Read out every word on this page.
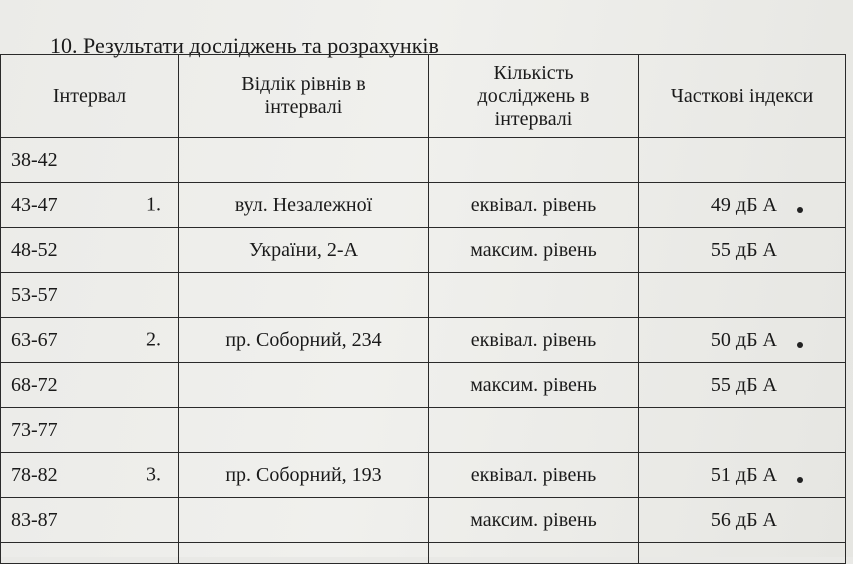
10. Результати досліджень та розрахунків
Інтервал	Відлік рівнів в інтервалі	Кількість досліджень в інтервалі	Часткові індекси
38-42

43-47 1.	вул. Незалежної	еквівал. рівень	49 дБ А

48-52	України, 2-А	максим. рівень	55 дБ А
53-57

63-67 2.	пр. Соборний, 234	еквівал. рівень	50 дБ А

68-72		максим. рівень	55 дБ А
73-77

78-82 3.	пр. Соборний, 193	еквівал. рівень	51 дБ А

83-87		максим. рівень	56 дБ А
